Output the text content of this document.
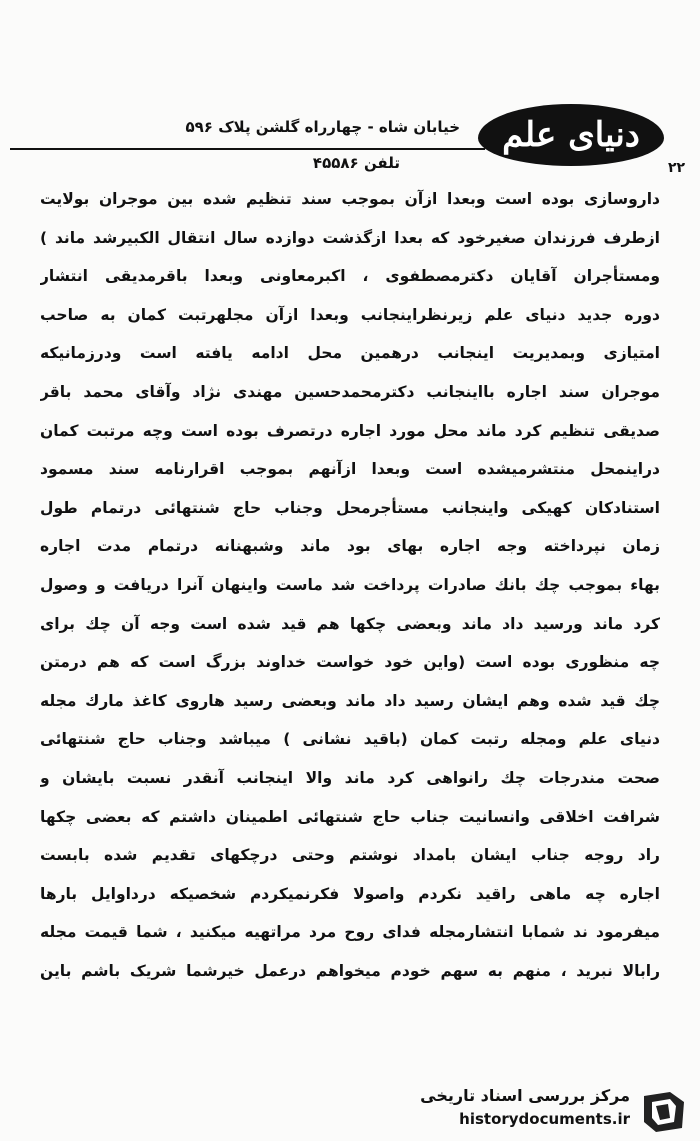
خیابان شاه - چهارراه گلشن پلاک ۵۹۶ دنیای علم
۲۲
تلفن ۴۵۵۸۶
داروسازی بوده است وبعدا ازآن بموجب سند تنظیم شده بین موجران بولایت
ازطرف فرزندان صغیرخود که بعدا ازگذشت دوازده سال انتقال الکبیرشد ماند )
ومستأجران آقایان دکترمصطفوی ، اکبرمعاونی وبعدا باقرمدیقی انتشار
دوره جدید دنیای علم زیرنظراینجانب وبعدا ازآن مجلهرتبت کمان به صاحب
امتیازی وبمدیریت اینجانب درهمین محل ادامه یافته است ودرزمانیکه
موجران سند اجاره بااینجانب دکترمحمدحسین مهندی نژاد وآقای محمد باقر
صدیقی تنظیم کرد ماند محل مورد اجاره درتصرف بوده است وچه مرتبت کمان
دراینمحل منتشرمیشده است وبعدا ازآنهم بموجب اقرارنامه سند مسمود
استنادکان کهیکی واینجانب مستأجرمحل وجناب حاج شنتهائی درتمام طول
زمان نپرداخته وجه اجاره بهای بود ماند وشبهنانه درتمام مدت اجاره
بهاء بموجب چك بانك صادرات پرداخت شد ماست واینهان آنرا دریافت و وصول
کرد ماند ورسید داد ماند وبعضی چکها هم قید شده است وجه آن چك برای
چه منظوری بوده است (واین خود خواست خداوند بزرگ است که هم درمتن
چك قید شده وهم ایشان رسید داد ماند وبعضی رسید هاروی کاغذ مارك مجله
دنیای علم ومجله رتبت کمان (باقید نشانی ) میباشد وجناب حاج شنتهائی
صحت مندرجات چك رانواهی کرد ماند والا اینجانب آنقدر نسبت بایشان و
شرافت اخلاقی وانسانیت جناب حاج شنتهائی اطمینان داشتم که بعضی چکها
راد روجه جناب ایشان بامداد نوشتم وحتی درچکهای تقدیم شده بابست
اجاره چه ماهی راقید نکردم واصولا فکرنمیکردم شخصیکه درداوایل بارها
میفرمود ند شمابا انتشارمجله فدای روح مرد مراتهیه میکنید ، شما قیمت مجله
رابالا نبرید ، منهم به سهم خودم میخواهم درعمل خیرشما شریک باشم باین
مرکز بررسی اسناد تاریخی
historydocuments.ir
